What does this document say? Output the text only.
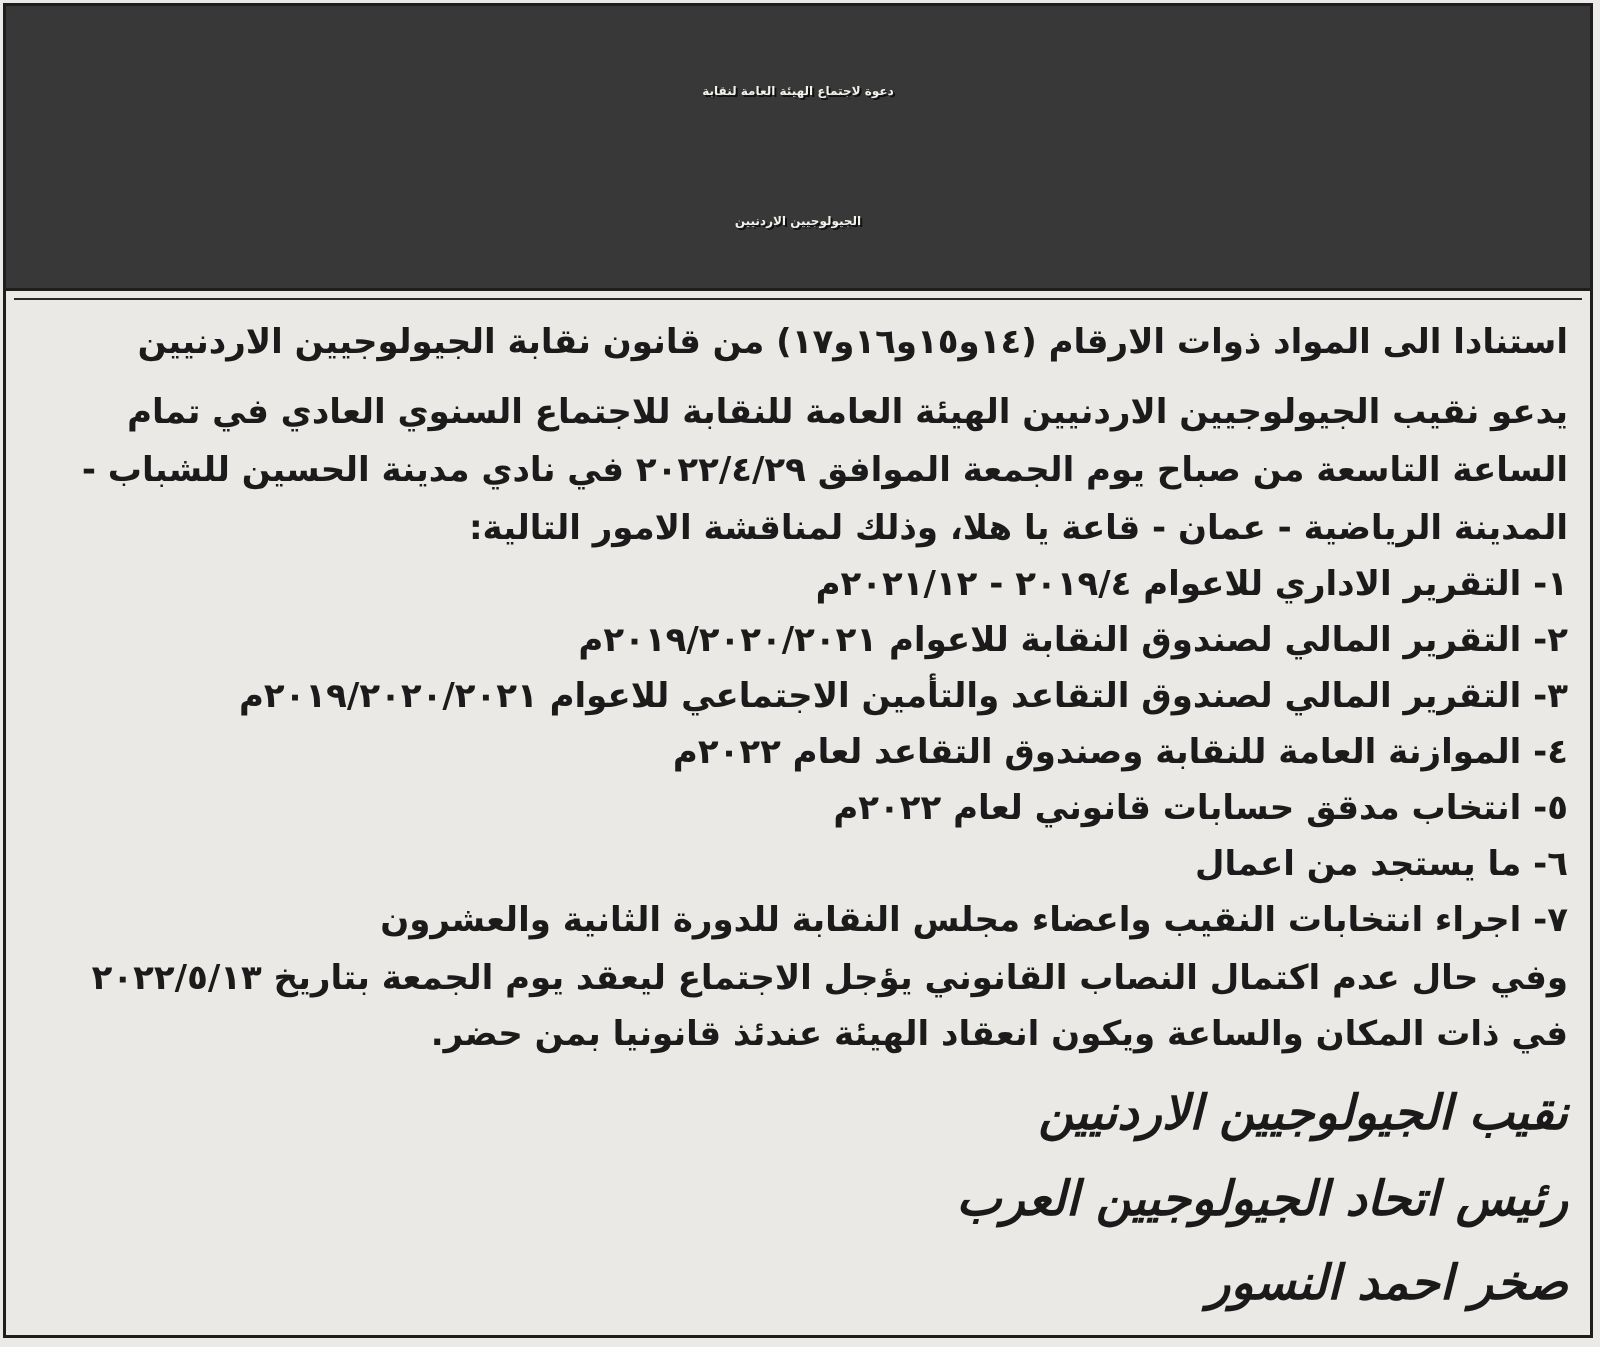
دعوة لاجتماع الهيئة العامة لنقابة
الجيولوجيين الاردنيين
استنادا الى المواد ذوات الارقام (١٤و١٥و١٦و١٧) من قانون نقابة الجيولوجيين الاردنيين
يدعو نقيب الجيولوجيين الاردنيين الهيئة العامة للنقابة للاجتماع السنوي العادي في تمام
الساعة التاسعة من صباح يوم الجمعة الموافق ٢٠٢٢/٤/٢٩ في نادي مدينة الحسين للشباب -
المدينة الرياضية - عمان - قاعة يا هلا، وذلك لمناقشة الامور التالية:
١- التقرير الاداري للاعوام ٢٠١٩/٤ - ٢٠٢١/١٢م
٢- التقرير المالي لصندوق النقابة للاعوام ٢٠١٩/٢٠٢٠/٢٠٢١م
٣- التقرير المالي لصندوق التقاعد والتأمين الاجتماعي للاعوام ٢٠١٩/٢٠٢٠/٢٠٢١م
٤- الموازنة العامة للنقابة وصندوق التقاعد لعام ٢٠٢٢م
٥- انتخاب مدقق حسابات قانوني لعام ٢٠٢٢م
٦- ما يستجد من اعمال
٧- اجراء انتخابات النقيب واعضاء مجلس النقابة للدورة الثانية والعشرون
وفي حال عدم اكتمال النصاب القانوني يؤجل الاجتماع ليعقد يوم الجمعة بتاريخ ٢٠٢٢/٥/١٣
في ذات المكان والساعة ويكون انعقاد الهيئة عندئذ قانونيا بمن حضر.
نقيب الجيولوجيين الاردنيين
رئيس اتحاد الجيولوجيين العرب
صخر احمد النسور
